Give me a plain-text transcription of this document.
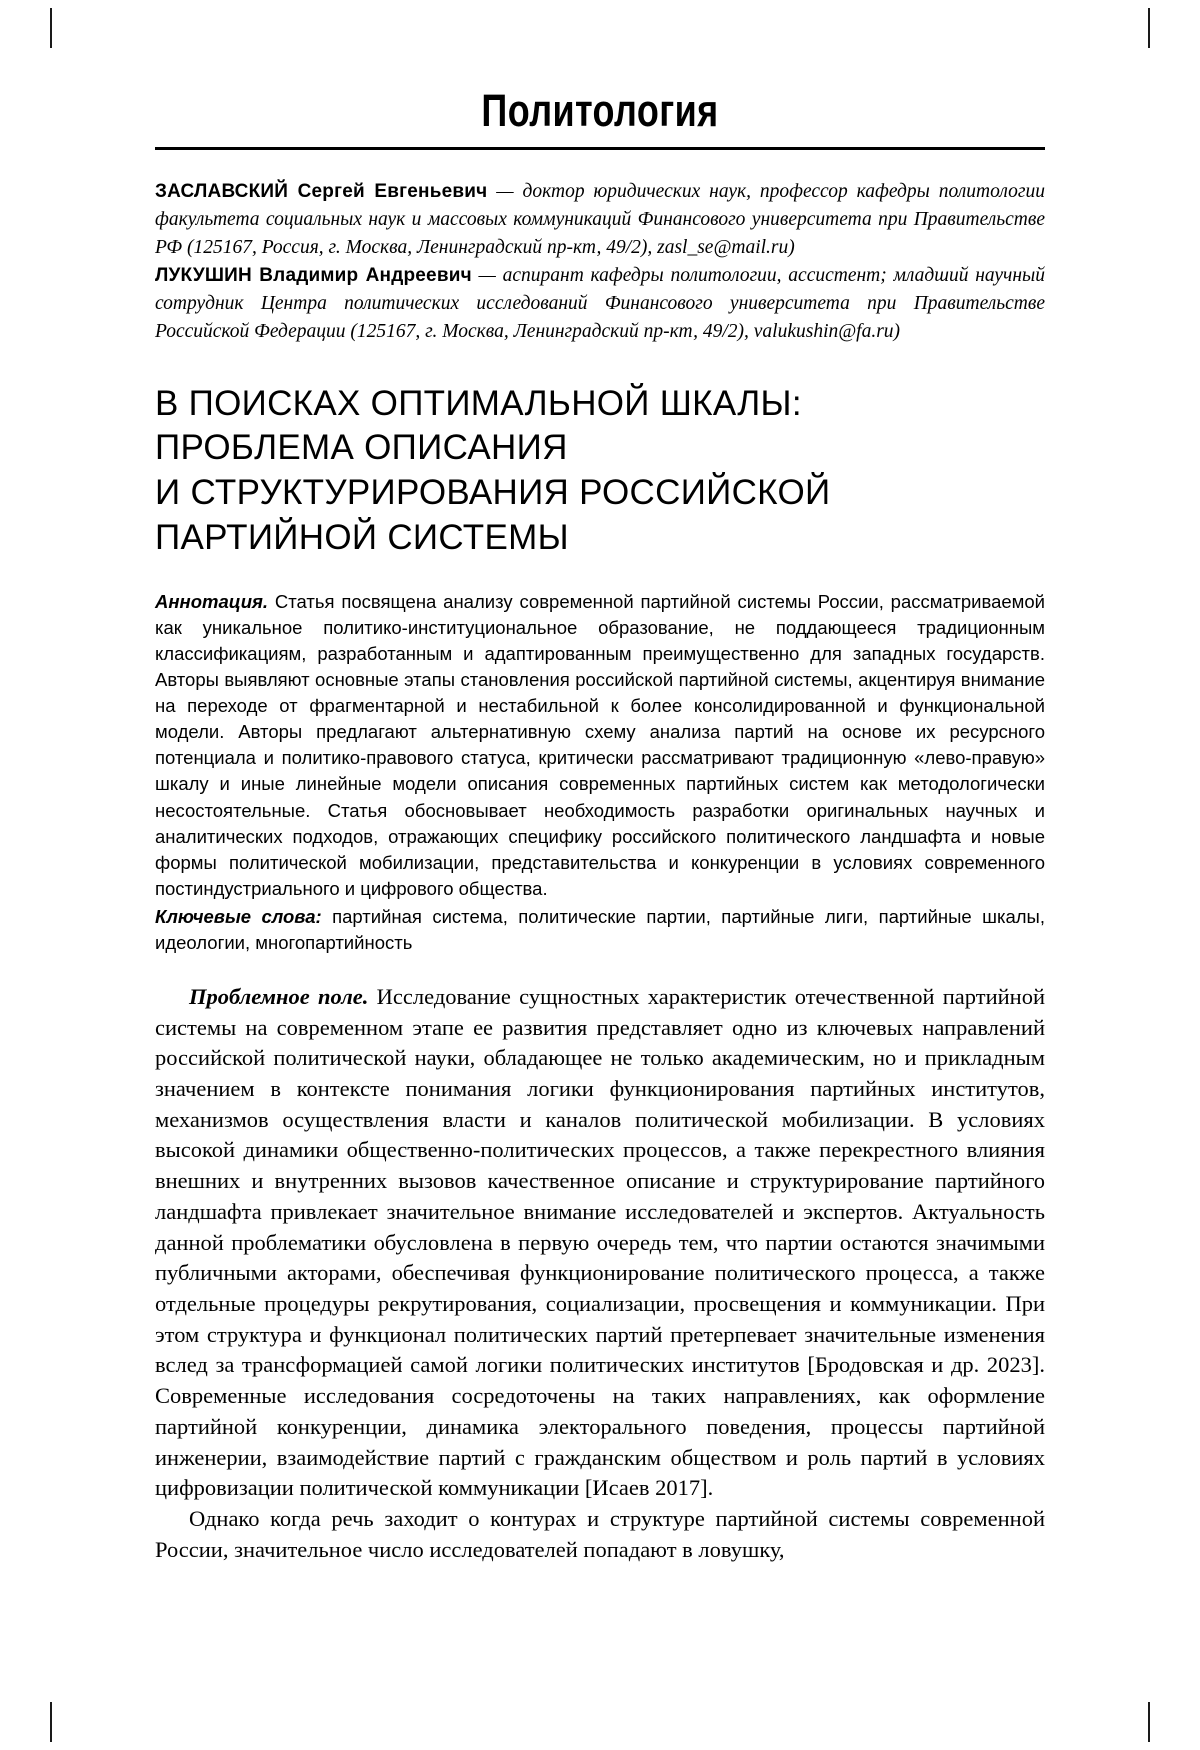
Политология

ЗАСЛАВСКИЙ Сергей Евгеньевич — доктор юридических наук, профессор кафедры политологии факультета социальных наук и массовых коммуникаций Финансового университета при Правительстве РФ (125167, Россия, г. Москва, Ленинградский пр-кт, 49/2), zasl_se@mail.ru)

ЛУКУШИН Владимир Андреевич — аспирант кафедры политологии, ассистент; младший научный сотрудник Центра политических исследований Финансового университета при Правительстве Российской Федерации (125167, г. Москва, Ленинградский пр-кт, 49/2), valukushin@fa.ru)

В ПОИСКАХ ОПТИМАЛЬНОЙ ШКАЛЫ:
ПРОБЛЕМА ОПИСАНИЯ
И СТРУКТУРИРОВАНИЯ РОССИЙСКОЙ
ПАРТИЙНОЙ СИСТЕМЫ
Аннотация. Статья посвящена анализу современной партийной системы России, рассматриваемой как уникальное политико-институциональное образование, не поддающееся традиционным классификациям, разработанным и адаптированным преимущественно для западных государств. Авторы выявляют основные этапы становления российской партийной системы, акцентируя внимание на переходе от фрагментарной и нестабильной к более консолидированной и функциональной модели. Авторы предлагают альтернативную схему анализа партий на основе их ресурсного потенциала и политико-правового статуса, критически рассматривают традиционную «лево-правую» шкалу и иные линейные модели описания современных партийных систем как методологически несостоятельные. Статья обосновывает необходимость разработки оригинальных научных и аналитических подходов, отражающих специфику российского политического ландшафта и новые формы политической мобилизации, представительства и конкуренции в условиях современного постиндустриального и цифрового общества.
Ключевые слова: партийная система, политические партии, партийные лиги, партийные шкалы, идеологии, многопартийность

Проблемное поле. Исследование сущностных характеристик отечественной партийной системы на современном этапе ее развития представляет одно из ключевых направлений российской политической науки, обладающее не только академическим, но и прикладным значением в контексте понимания логики функционирования партийных институтов, механизмов осуществления власти и каналов политической мобилизации. В условиях высокой динамики общественно-политических процессов, а также перекрестного влияния внешних и внутренних вызовов качественное описание и структурирование партийного ландшафта привлекает значительное внимание исследователей и экспертов. Актуальность данной проблематики обусловлена в первую очередь тем, что партии остаются значимыми публичными акторами, обеспечивая функционирование политического процесса, а также отдельные процедуры рекрутирования, социализации, просвещения и коммуникации. При этом структура и функционал политических партий претерпевает значительные изменения вслед за трансформацией самой логики политических институтов [Бродовская и др. 2023]. Современные исследования сосредоточены на таких направлениях, как оформление партийной конкуренции, динамика электорального поведения, процессы партийной инженерии, взаимодействие партий с гражданским обществом и роль партий в условиях цифровизации политической коммуникации [Исаев 2017].

Однако когда речь заходит о контурах и структуре партийной системы современной России, значительное число исследователей попадают в ловушку,
